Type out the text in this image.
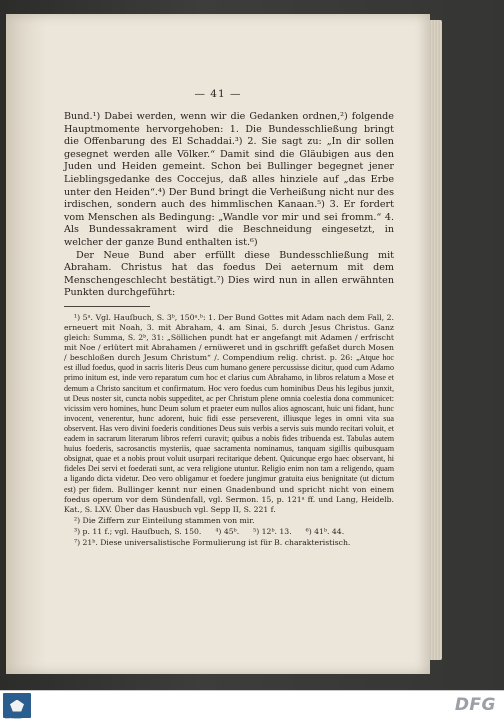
— 41 —

Bund.¹) Dabei werden, wenn wir die Gedanken ordnen,²) folgende Hauptmomente hervorgehoben: 1. Die Bundesschließung bringt die Offenbarung des El Schaddai.³) 2. Sie sagt zu: „In dir sollen gesegnet werden alle Völker.“ Damit sind die Gläubigen aus den Juden und Heiden gemeint. Schon bei Bullinger begegnet jener Lieblingsgedanke des Coccejus, daß alles hinziele auf „das Erbe unter den Heiden“.⁴) Der Bund bringt die Verheißung nicht nur des irdischen, sondern auch des himmlischen Kanaan.⁵) 3. Er fordert vom Menschen als Bedingung: „Wandle vor mir und sei fromm.“ 4. Als Bundessakrament wird die Beschneidung eingesetzt, in welcher der ganze Bund enthalten ist.⁶)

Der Neue Bund aber erfüllt diese Bundesschließung mit Abraham. Christus hat das foedus Dei aeternum mit dem Menschengeschlecht bestätigt.⁷) Dies wird nun in allen erwähnten Punkten durchgeführt:

¹) 5ᵃ. Vgl. Hauſbuch, S. 3ᵇ, 150ᵃ.ᵇ: 1. Der Bund Gottes mit Adam nach dem Fall, 2. erneuert mit Noah, 3. mit Abraham, 4. am Sinai, 5. durch Jesus Christus. Ganz gleich: Summa, S. 2ᵇ, 31: „Söllichen pundt hat er angefangt mit Adamen / erfrischt mit Noe / erlütert mit Abrahamen / ernüweret und in gschrifft gefaßet durch Mosen / beschloßen durch Jesum Christum“ /. Compendium relig. christ. p. 26: „Atque hoc est illud foedus, quod in sacris literis Deus cum humano genere percussisse dicitur, quod cum Adamo primo initum est, inde vero reparatum cum hoc et clarius cum Abrahamo, in libros relatum a Mose et demum a Christo sancitum et confirmatum. Hoc vero foedus cum hominibus Deus his legibus junxit, ut Deus noster sit, cuncta nobis suppeditet, ac per Christum plene omnia coelestia dona communicet: vicissim vero homines, hunc Deum solum et praeter eum nullos alios agnoscant, huic uni fidant, hunc invocent, venerentur, hunc adorent, huic fidi esse perseverent, illiusque leges in omni vita sua observent. Has vero divini foederis conditiones Deus suis verbis a servis suis mundo recitari voluit, et eadem in sacrarum literarum libros referri curavit; quibus a nobis fides tribuenda est. Tabulas autem huius foederis, sacrosanctis mysteriis, quae sacramenta nominamus, tanquam sigillis quibusquam obsignat, quae et a nobis prout voluit usurpari recitarique debent. Quicunque ergo haec observant, hi fideles Dei servi et foederati sunt, ac vera religione utuntur. Religio enim non tam a religendo, quam a ligando dicta videtur. Deo vero obligamur et foedere jungimur gratuita eius benignitate (ut dictum est) per fidem. Bullinger kennt nur einen Gnadenbund und spricht nicht von einem foedus operum vor dem Sündenfall, vgl. Sermon. 15, p. 121ᵃ ff. und Lang, Heidelb. Kat., S. LXV. Über das Hausbuch vgl. Sepp II, S. 221 f.

²) Die Ziffern zur Einteilung stammen von mir.

³) p. 11 f.; vgl. Hauſbuch, S. 150. ⁴) 45ᵇ. ⁵) 12ᵇ. 13. ⁶) 41ᵇ. 44.

⁷) 21ᵇ. Diese universalistische Formulierung ist für B. charakteristisch.

FRANCKESCHE STIFTUNGEN
DFG
